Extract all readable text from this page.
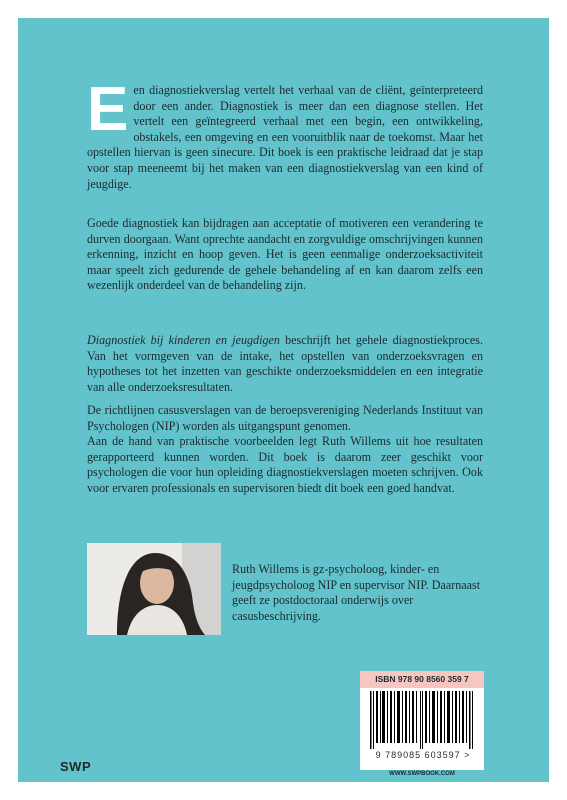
E en diagnostiekverslag vertelt het verhaal van de cliënt, geïnterpreteerd door een ander. Diagnostiek is meer dan een diagnose stellen. Het vertelt een geïntegreerd verhaal met een begin, een ontwikkeling, obstakels, een omgeving en een vooruitblik naar de toekomst. Maar het opstellen hiervan is geen sinecure. Dit boek is een praktische leidraad dat je stap voor stap meeneemt bij het maken van een diagnostiekverslag van een kind of jeugdige.

Goede diagnostiek kan bijdragen aan acceptatie of motiveren een verandering te durven doorgaan. Want oprechte aandacht en zorgvuldige omschrijvingen kunnen erkenning, inzicht en hoop geven. Het is geen eenmalige onderzoeksactiviteit maar speelt zich gedurende de gehele behandeling af en kan daarom zelfs een wezenlijk onderdeel van de behandeling zijn.

Diagnostiek bij kinderen en jeugdigen beschrijft het gehele diagnostiekproces. Van het vormgeven van de intake, het opstellen van onderzoeksvragen en hypotheses tot het inzetten van geschikte onderzoeksmiddelen en een integratie van alle onderzoeksresultaten.

De richtlijnen casusverslagen van de beroepsvereniging Nederlands Instituut van Psychologen (NIP) worden als uitgangspunt genomen.

Aan de hand van praktische voorbeelden legt Ruth Willems uit hoe resultaten gerapporteerd kunnen worden. Dit boek is daarom zeer geschikt voor psychologen die voor hun opleiding diagnostiekverslagen moeten schrijven. Ook voor ervaren professionals en supervisoren biedt dit boek een goed handvat.

Ruth Willems is gz-psycholoog, kinder- en jeugdpsycholoog NIP en supervisor NIP. Daarnaast geeft ze postdoctoraal onderwijs over casusbeschrijving.
ISBN 978 90 8560 359 7
9 789085 603597 >
WWW.SWPBOOK.COM
SWP
